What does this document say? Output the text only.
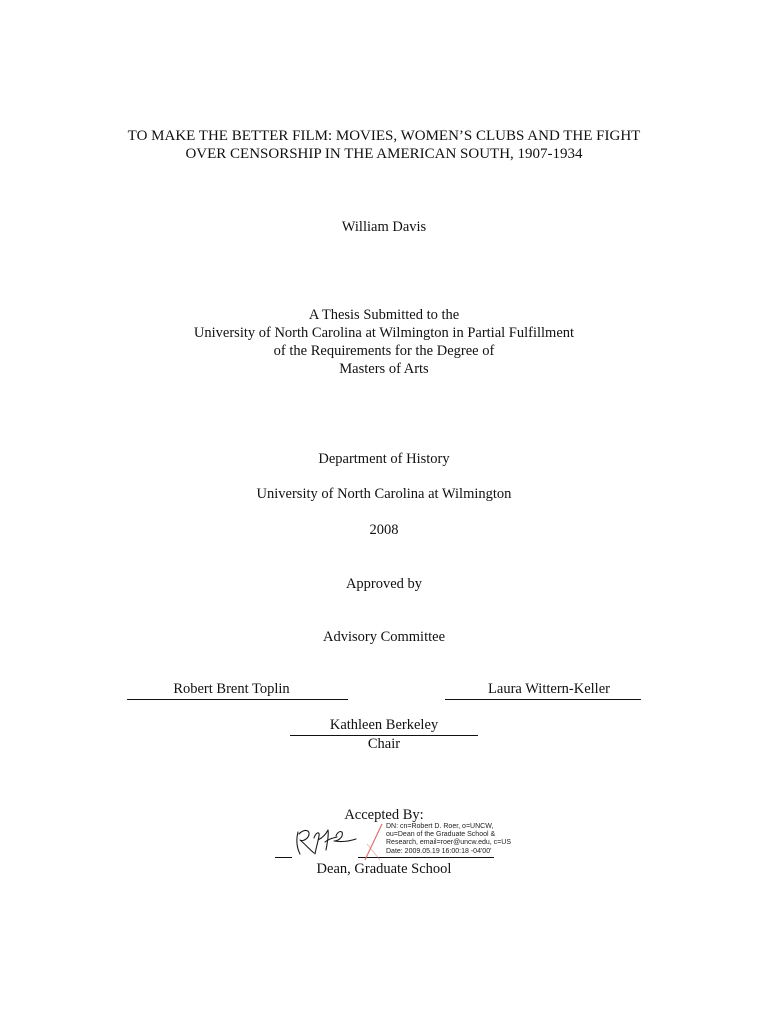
TO MAKE THE BETTER FILM: MOVIES, WOMEN’S CLUBS AND THE FIGHT
OVER CENSORSHIP IN THE AMERICAN SOUTH, 1907-1934
William Davis
A Thesis Submitted to the
University of North Carolina at Wilmington in Partial Fulfillment
of the Requirements for the Degree of
Masters of Arts
Department of History
University of North Carolina at Wilmington
2008
Approved by
Advisory Committee
Robert Brent Toplin	Laura Wittern-Keller
Kathleen Berkeley
Chair
Accepted By:
DN: cn=Robert D. Roer, o=UNCW,
ou=Dean of the Graduate School &
Research, email=roer@uncw.edu, c=US
Date: 2009.05.19 16:00:18 -04'00'
Dean, Graduate School
